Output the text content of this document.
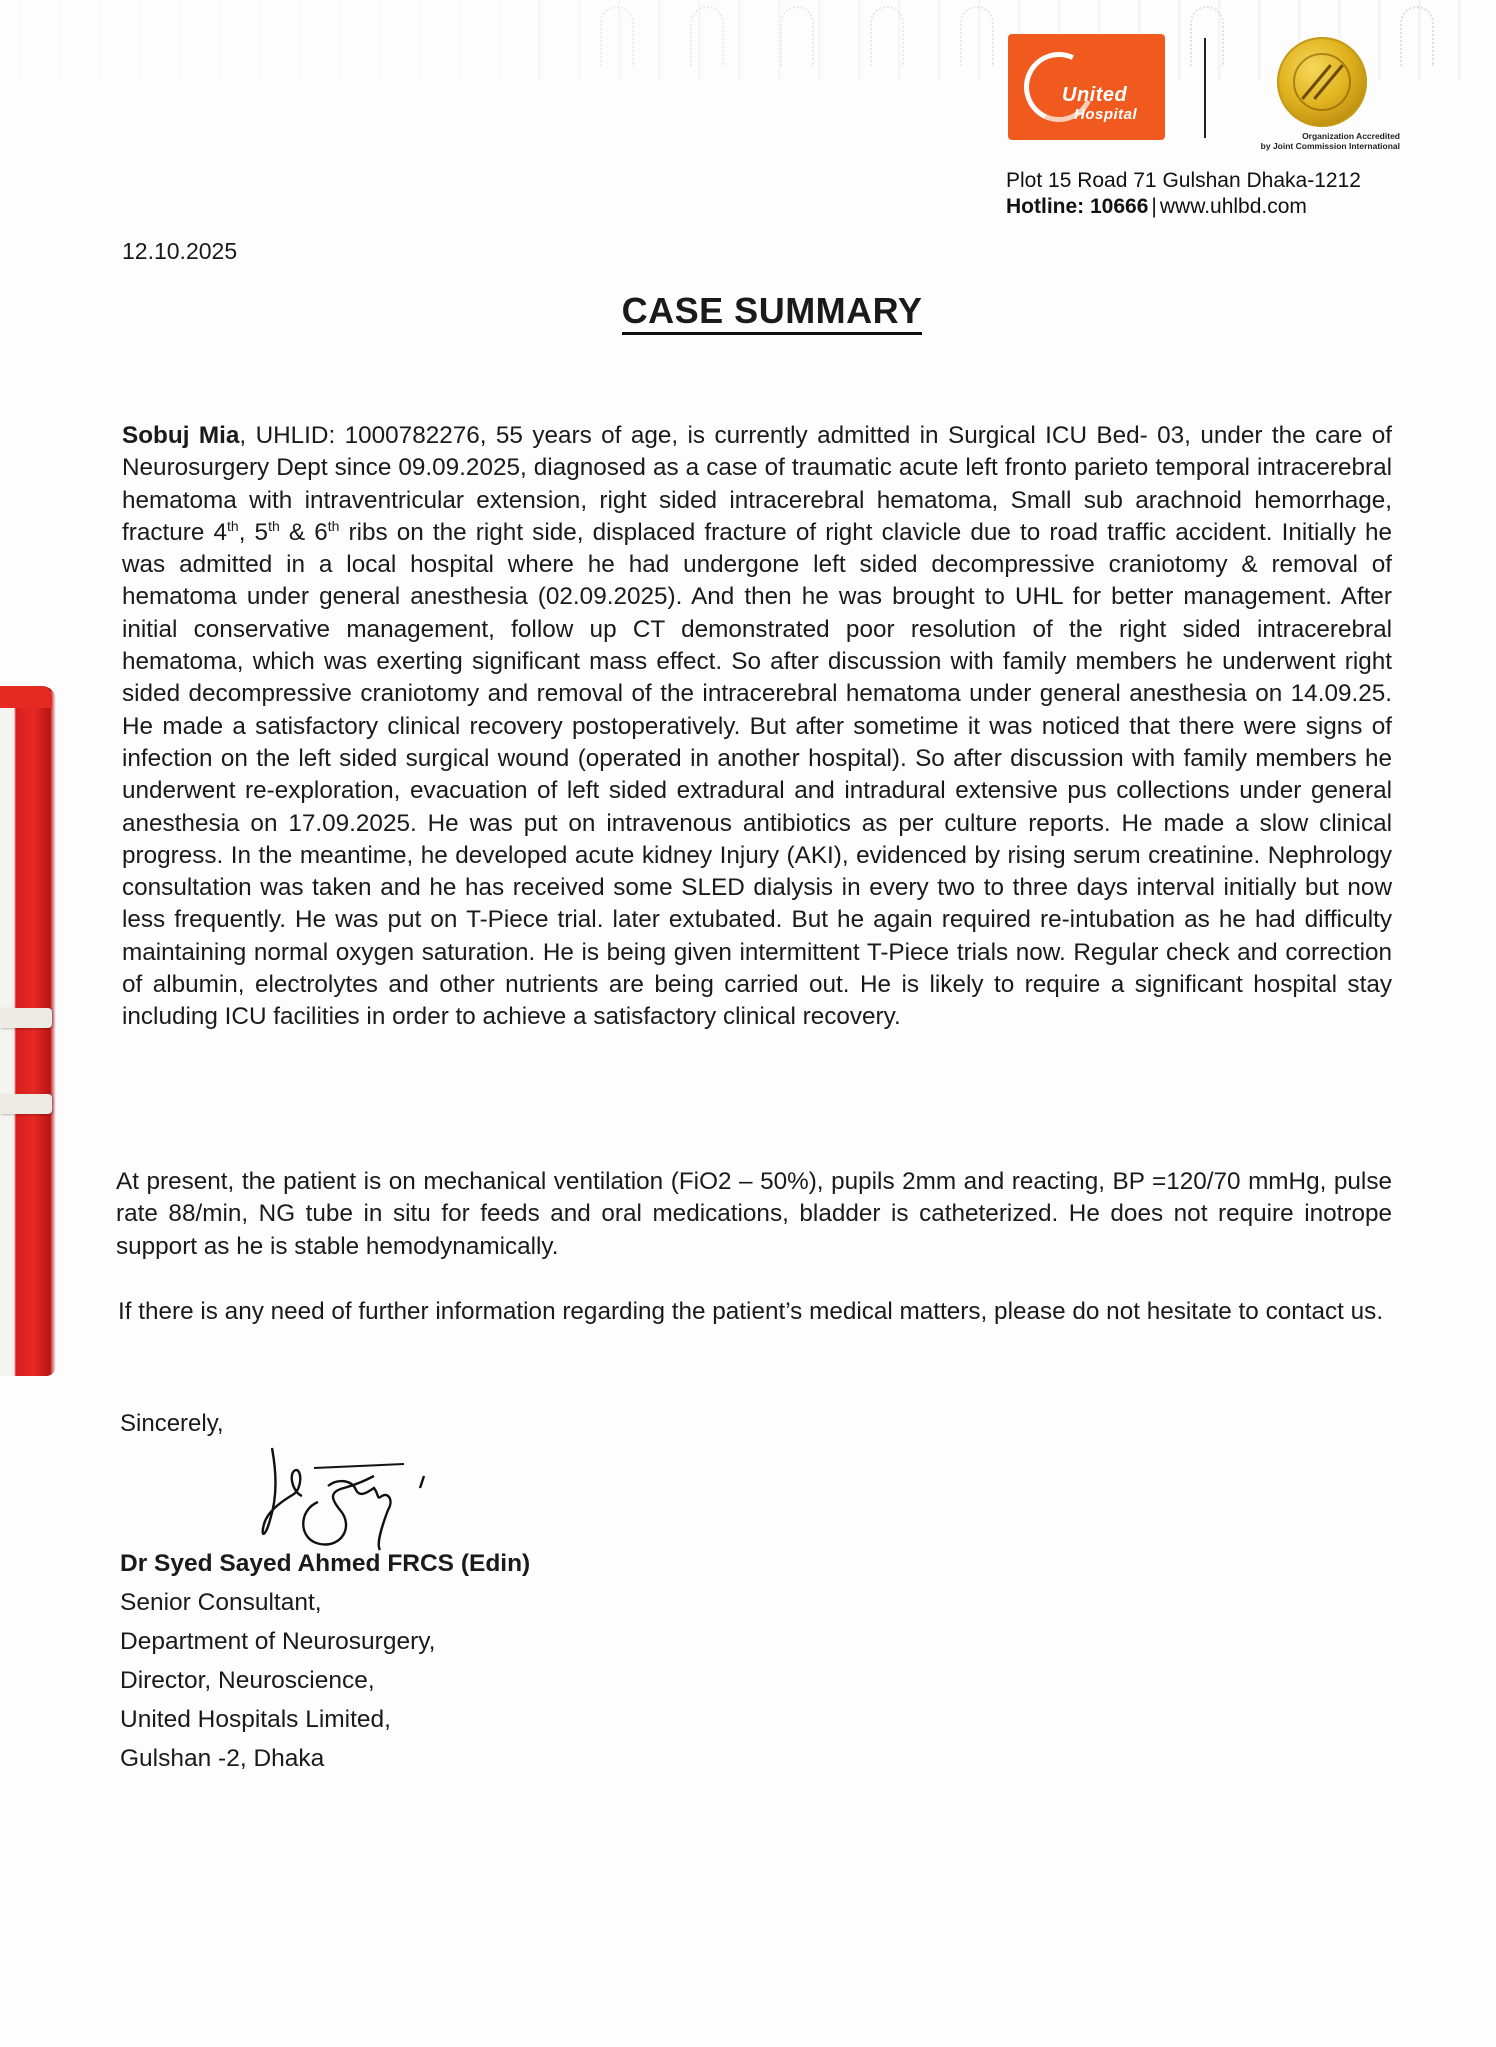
United
Hospital
Organization Accredited
by Joint Commission International
Plot 15 Road 71 Gulshan Dhaka-1212
Hotline: 10666 | www.uhlbd.com
12.10.2025
CASE SUMMARY

Sobuj Mia, UHLID: 1000782276, 55 years of age, is currently admitted in Surgical ICU Bed- 03, under the care of Neurosurgery Dept since 09.09.2025, diagnosed as a case of traumatic acute left fronto parieto temporal intracerebral hematoma with intraventricular extension, right sided intracerebral hematoma, Small sub arachnoid hemorrhage, fracture 4th, 5th & 6th ribs on the right side, displaced fracture of right clavicle due to road traffic accident. Initially he was admitted in a local hospital where he had undergone left sided decompressive craniotomy & removal of hematoma under general anesthesia (02.09.2025). And then he was brought to UHL for better management. After initial conservative management, follow up CT demonstrated poor resolution of the right sided intracerebral hematoma, which was exerting significant mass effect. So after discussion with family members he underwent right sided decompressive craniotomy and removal of the intracerebral hematoma under general anesthesia on 14.09.25. He made a satisfactory clinical recovery postoperatively. But after sometime it was noticed that there were signs of infection on the left sided surgical wound (operated in another hospital). So after discussion with family members he underwent re-exploration, evacuation of left sided extradural and intradural extensive pus collections under general anesthesia on 17.09.2025. He was put on intravenous antibiotics as per culture reports. He made a slow clinical progress. In the meantime, he developed acute kidney Injury (AKI), evidenced by rising serum creatinine. Nephrology consultation was taken and he has received some SLED dialysis in every two to three days interval initially but now less frequently. He was put on T-Piece trial. later extubated. But he again required re-intubation as he had difficulty maintaining normal oxygen saturation. He is being given intermittent T-Piece trials now. Regular check and correction of albumin, electrolytes and other nutrients are being carried out. He is likely to require a significant hospital stay including ICU facilities in order to achieve a satisfactory clinical recovery.

At present, the patient is on mechanical ventilation (FiO2 – 50%), pupils 2mm and reacting, BP =120/70 mmHg, pulse rate 88/min, NG tube in situ for feeds and oral medications, bladder is catheterized. He does not require inotrope support as he is stable hemodynamically.

If there is any need of further information regarding the patient’s medical matters, please do not hesitate to contact us.

Sincerely,
Dr Syed Sayed Ahmed FRCS (Edin)
Senior Consultant,
Department of Neurosurgery,
Director, Neuroscience,
United Hospitals Limited,
Gulshan -2, Dhaka
